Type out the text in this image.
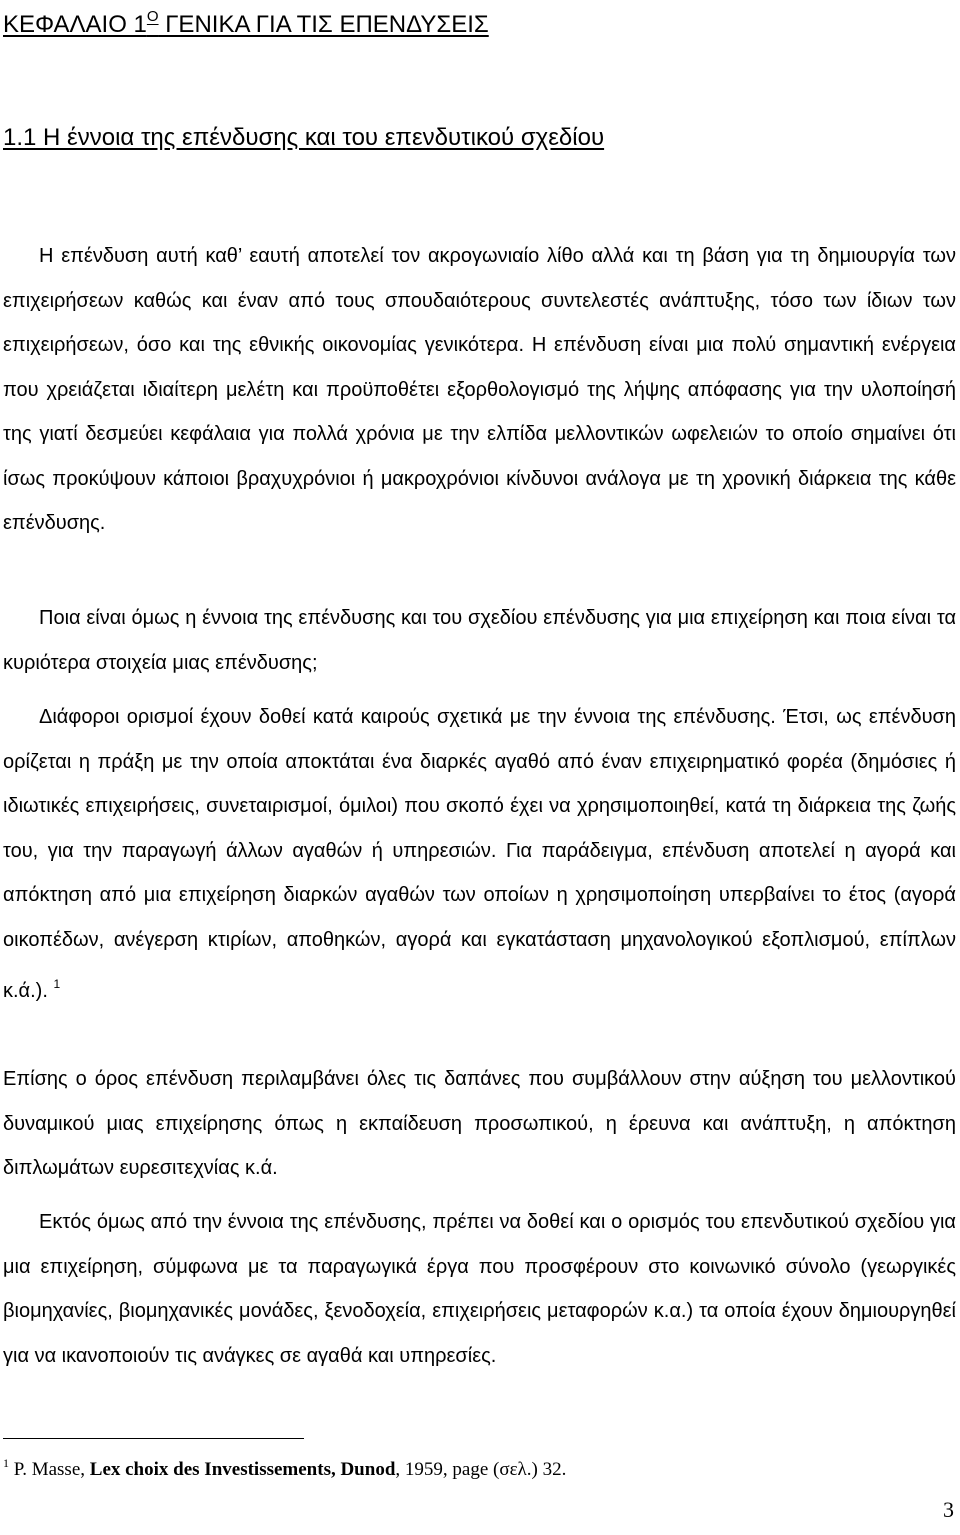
ΚΕΦΑΛΑΙΟ $1^O$ ΓΕΝΙΚΑ ΓΙΑ ΤΙΣ ΕΠΕΝΔΥΣΕΙΣ
1.1 Η έννοια της επένδυσης και του επενδυτικού σχεδίου

Η επένδυση αυτή καθ’ εαυτή αποτελεί τον ακρογωνιαίο λίθο αλλά και τη βάση για τη δημιουργία των επιχειρήσεων καθώς και έναν από τους σπουδαιότερους συντελεστές ανάπτυξης, τόσο των ίδιων των επιχειρήσεων, όσο και της εθνικής οικονομίας γενικότερα. Η επένδυση είναι μια πολύ σημαντική ενέργεια που χρειάζεται ιδιαίτερη μελέτη και προϋποθέτει εξορθολογισμό της λήψης απόφασης για την υλοποίησή της γιατί δεσμεύει κεφάλαια για πολλά χρόνια με την ελπίδα μελλοντικών ωφελειών το οποίο σημαίνει ότι ίσως προκύψουν κάποιοι βραχυχρόνιοι ή μακροχρόνιοι κίνδυνοι ανάλογα με τη χρονική διάρκεια της κάθε επένδυσης.

Ποια είναι όμως η έννοια της επένδυσης και του σχεδίου επένδυσης για μια επιχείρηση και ποια είναι τα κυριότερα στοιχεία μιας επένδυσης;

Διάφοροι ορισμοί έχουν δοθεί κατά καιρούς σχετικά με την έννοια της επένδυσης. Έτσι, ως επένδυση ορίζεται η πράξη με την οποία αποκτάται ένα διαρκές αγαθό από έναν επιχειρηματικό φορέα (δημόσιες ή ιδιωτικές επιχειρήσεις, συνεταιρισμοί, όμιλοι) που σκοπό έχει να χρησιμοποιηθεί, κατά τη διάρκεια της ζωής του, για την παραγωγή άλλων αγαθών ή υπηρεσιών. Για παράδειγμα, επένδυση αποτελεί η αγορά και απόκτηση από μια επιχείρηση διαρκών αγαθών των οποίων η χρησιμοποίηση υπερβαίνει το έτος (αγορά οικοπέδων, ανέγερση κτιρίων, αποθηκών, αγορά και εγκατάσταση μηχανολογικού εξοπλισμού, επίπλων κ.ά.). $^1$

Επίσης ο όρος επένδυση περιλαμβάνει όλες τις δαπάνες που συμβάλλουν στην αύξηση του μελλοντικού δυναμικού μιας επιχείρησης όπως η εκπαίδευση προσωπικού, η έρευνα και ανάπτυξη, η απόκτηση διπλωμάτων ευρεσιτεχνίας κ.ά.

Εκτός όμως από την έννοια της επένδυσης, πρέπει να δοθεί και ο ορισμός του επενδυτικού σχεδίου για μια επιχείρηση, σύμφωνα με τα παραγωγικά έργα που προσφέρουν στο κοινωνικό σύνολο (γεωργικές βιομηχανίες, βιομηχανικές μονάδες, ξενοδοχεία, επιχειρήσεις μεταφορών κ.α.) τα οποία έχουν δημιουργηθεί για να ικανοποιούν τις ανάγκες σε αγαθά και υπηρεσίες.

$^1$ P. Masse, Lex choix des Investissements, Dunod, 1959, page (σελ.) 32.
3
